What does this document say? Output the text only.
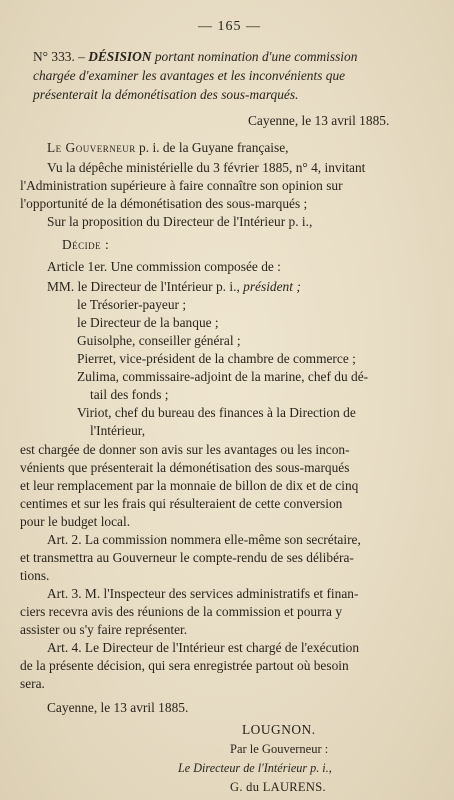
— 165 —
N° 333. – DÉSISION portant nomination d'une commission
chargée d'examiner les avantages et les inconvénients que
présenterait la démonétisation des sous-marqués.
Cayenne, le 13 avril 1885.
Le Gouverneur p. i. de la Guyane française,
Vu la dépêche ministérielle du 3 février 1885, n° 4, invitant
l'Administration supérieure à faire connaître son opinion sur
l'opportunité de la démonétisation des sous-marqués ;
Sur la proposition du Directeur de l'Intérieur p. i.,
Décide :
Article 1er. Une commission composée de :
MM. le Directeur de l'Intérieur p. i., président ;
le Trésorier-payeur ;
le Directeur de la banque ;
Guisolphe, conseiller général ;
Pierret, vice-président de la chambre de commerce ;
Zulima, commissaire-adjoint de la marine, chef du dé-
tail des fonds ;
Viriot, chef du bureau des finances à la Direction de
l'Intérieur,
est chargée de donner son avis sur les avantages ou les incon-
vénients que présenterait la démonétisation des sous-marqués
et leur remplacement par la monnaie de billon de dix et de cinq
centimes et sur les frais qui résulteraient de cette conversion
pour le budget local.
Art. 2. La commission nommera elle-même son secrétaire,
et transmettra au Gouverneur le compte-rendu de ses délibéra-
tions.
Art. 3. M. l'Inspecteur des services administratifs et finan-
ciers recevra avis des réunions de la commission et pourra y
assister ou s'y faire représenter.
Art. 4. Le Directeur de l'Intérieur est chargé de l'exécution
de la présente décision, qui sera enregistrée partout où besoin
sera.
Cayenne, le 13 avril 1885.
LOUGNON.
Par le Gouverneur :
Le Directeur de l'Intérieur p. i.,
G. du LAURENS.
